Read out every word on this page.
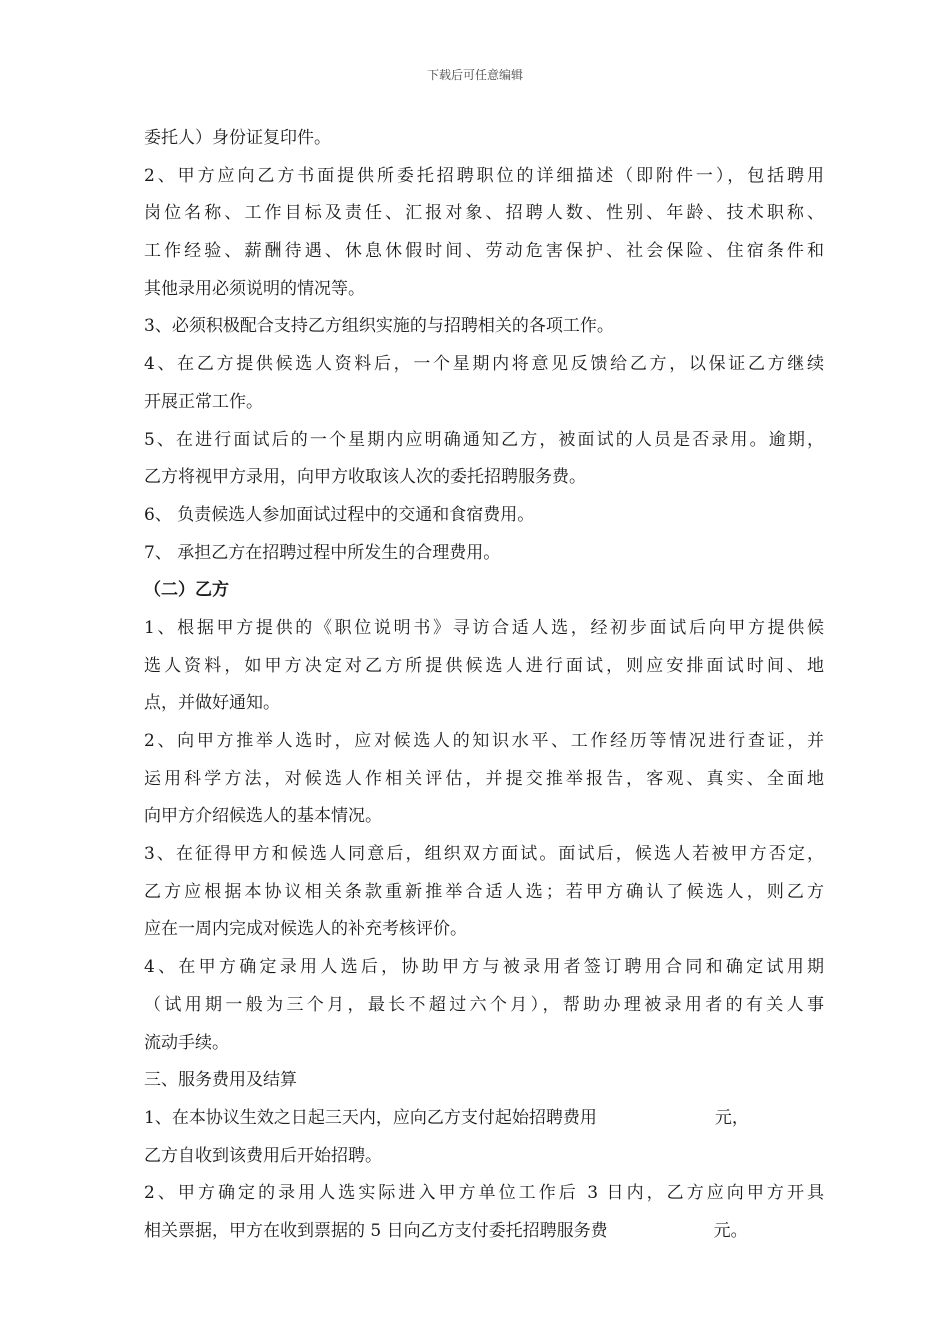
下载后可任意编辑
委托人）身份证复印件。
2、甲方应向乙方书面提供所委托招聘职位的详细描述（即附件一），包括聘用
岗位名称、工作目标及责任、汇报对象、招聘人数、性别、年龄、技术职称、
工作经验、薪酬待遇、休息休假时间、劳动危害保护、社会保险、住宿条件和
其他录用必须说明的情况等。
3、必须积极配合支持乙方组织实施的与招聘相关的各项工作。
4、在乙方提供候选人资料后，一个星期内将意见反馈给乙方，以保证乙方继续
开展正常工作。
5、在进行面试后的一个星期内应明确通知乙方，被面试的人员是否录用。逾期，
乙方将视甲方录用，向甲方收取该人次的委托招聘服务费。
6、 负责候选人参加面试过程中的交通和食宿费用。
7、 承担乙方在招聘过程中所发生的合理费用。
（二）乙方
1、根据甲方提供的《职位说明书》寻访合适人选，经初步面试后向甲方提供候
选人资料，如甲方决定对乙方所提供候选人进行面试，则应安排面试时间、地
点，并做好通知。
2、向甲方推举人选时，应对候选人的知识水平、工作经历等情况进行查证，并
运用科学方法，对候选人作相关评估，并提交推举报告，客观、真实、全面地
向甲方介绍候选人的基本情况。
3、在征得甲方和候选人同意后，组织双方面试。面试后，候选人若被甲方否定，
乙方应根据本协议相关条款重新推举合适人选；若甲方确认了候选人，则乙方
应在一周内完成对候选人的补充考核评价。
4、在甲方确定录用人选后，协助甲方与被录用者签订聘用合同和确定试用期
（试用期一般为三个月，最长不超过六个月），帮助办理被录用者的有关人事
流动手续。
三、服务费用及结算
1、在本协议生效之日起三天内，应向乙方支付起始招聘费用	元，
乙方自收到该费用后开始招聘。
2、甲方确定的录用人选实际进入甲方单位工作后 3 日内，乙方应向甲方开具
相关票据，甲方在收到票据的 5 日向乙方支付委托招聘服务费	元。
